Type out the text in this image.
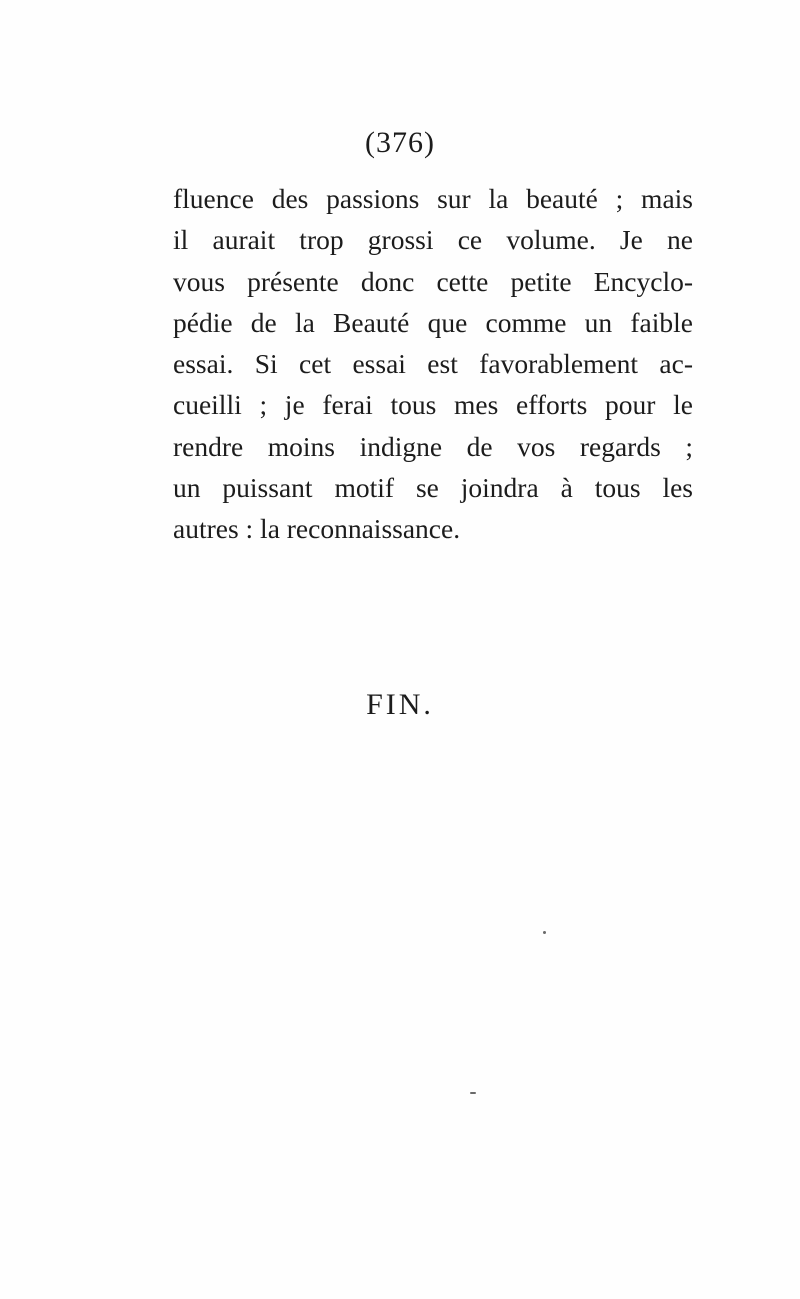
(376)
fluence des passions sur la beauté ; mais
il aurait trop grossi ce volume. Je ne
vous présente donc cette petite Encyclo-
pédie de la Beauté que comme un faible
essai. Si cet essai est favorablement ac-
cueilli ; je ferai tous mes efforts pour le
rendre moins indigne de vos regards ;
un puissant motif se joindra à tous les
autres : la reconnaissance.
FIN.
